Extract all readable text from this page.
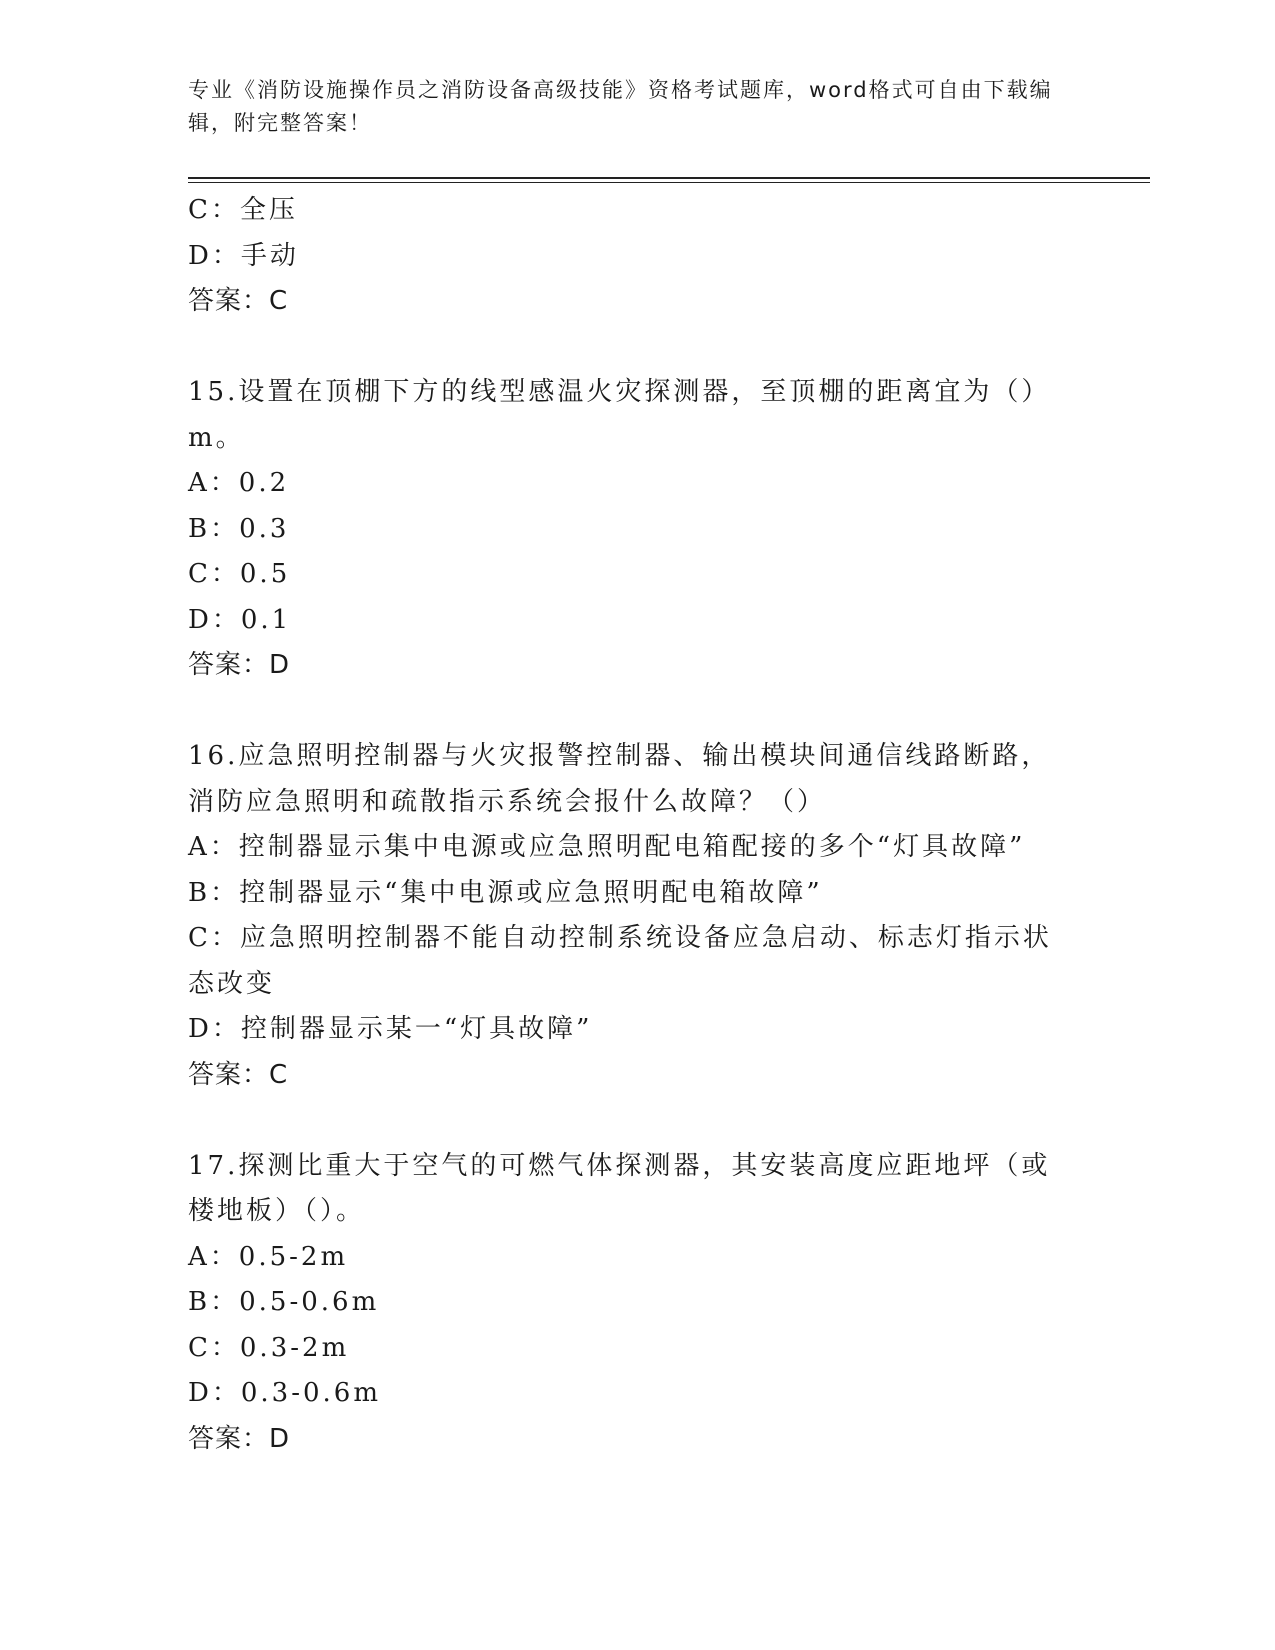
专业《消防设施操作员之消防设备高级技能》资格考试题库，word格式可自由下载编辑，附完整答案！
C：全压
D：手动
答案：C
15.设置在顶棚下方的线型感温火灾探测器，至顶棚的距离宜为（）m。
A：0.2
B：0.3
C：0.5
D：0.1
答案：D
16.应急照明控制器与火灾报警控制器、输出模块间通信线路断路，消防应急照明和疏散指示系统会报什么故障？（）
A：控制器显示集中电源或应急照明配电箱配接的多个“灯具故障”
B：控制器显示“集中电源或应急照明配电箱故障”
C：应急照明控制器不能自动控制系统设备应急启动、标志灯指示状态改变
D：控制器显示某一“灯具故障”
答案：C
17.探测比重大于空气的可燃气体探测器，其安装高度应距地坪（或楼地板）（）。
A：0.5-2m
B：0.5-0.6m
C：0.3-2m
D：0.3-0.6m
答案：D
